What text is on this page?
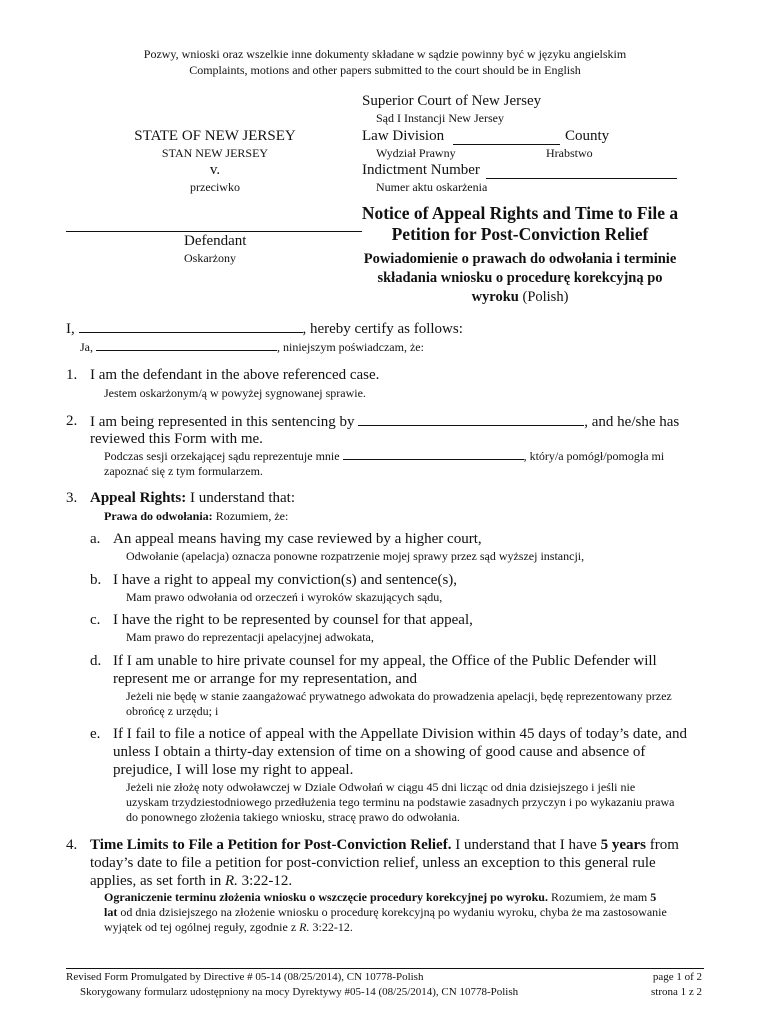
Pozwy, wnioski oraz wszelkie inne dokumenty składane w sądzie powinny być w języku angielskim
Complaints, motions and other papers submitted to the court should be in English
Superior Court of New Jersey
Sąd I Instancji New Jersey
STATE OF NEW JERSEY
STAN NEW JERSEY
Law Division	County
Wydział Prawny	Hrabstwo
v.
przeciwko
Indictment Number
Numer aktu oskarżenia
Defendant
Oskarżony
Notice of Appeal Rights and Time to File a
Petition for Post-Conviction Relief
Powiadomienie o prawach do odwołania i terminie
składania wniosku o procedurę korekcyjną po
wyroku (Polish)
I,	, hereby certify as follows:
Ja,	, niniejszym poświadczam, że:
1. I am the defendant in the above referenced case.
Jestem oskarżonym/ą w powyżej sygnowanej sprawie.
2. I am being represented in this sentencing by	, and he/she has
reviewed this Form with me.
Podczas sesji orzekającej sądu reprezentuje mnie	, który/a pomógł/pomogła mi
zapoznać się z tym formularzem.
3. Appeal Rights: I understand that:
Prawa do odwołania: Rozumiem, że:
a. An appeal means having my case reviewed by a higher court,
Odwołanie (apelacja) oznacza ponowne rozpatrzenie mojej sprawy przez sąd wyższej instancji,
b. I have a right to appeal my conviction(s) and sentence(s),
Mam prawo odwołania od orzeczeń i wyroków skazujących sądu,
c. I have the right to be represented by counsel for that appeal,
Mam prawo do reprezentacji apelacyjnej adwokata,
d. If I am unable to hire private counsel for my appeal, the Office of the Public Defender will
represent me or arrange for my representation, and
Jeżeli nie będę w stanie zaangażować prywatnego adwokata do prowadzenia apelacji, będę reprezentowany przez
obrońcę z urzędu; i
e. If I fail to file a notice of appeal with the Appellate Division within 45 days of today’s date, and
unless I obtain a thirty-day extension of time on a showing of good cause and absence of
prejudice, I will lose my right to appeal.
Jeżeli nie złożę noty odwoławczej w Dziale Odwołań w ciągu 45 dni licząc od dnia dzisiejszego i jeśli nie
uzyskam trzydziestodniowego przedłużenia tego terminu na podstawie zasadnych przyczyn i po wykazaniu prawa
do ponownego złożenia takiego wniosku, stracę prawo do odwołania.
4. Time Limits to File a Petition for Post-Conviction Relief. I understand that I have 5 years from
today’s date to file a petition for post-conviction relief, unless an exception to this general rule
applies, as set forth in R. 3:22-12.
Ograniczenie terminu złożenia wniosku o wszczęcie procedury korekcyjnej po wyroku. Rozumiem, że mam 5
lat od dnia dzisiejszego na złożenie wniosku o procedurę korekcyjną po wydaniu wyroku, chyba że ma zastosowanie
wyjątek od tej ogólnej reguły, zgodnie z R. 3:22-12.
Revised Form Promulgated by Directive # 05-14 (08/25/2014), CN 10778-Polish
Skorygowany formularz udostępniony na mocy Dyrektywy #05-14 (08/25/2014), CN 10778-Polish
page 1 of 2
strona 1 z 2
